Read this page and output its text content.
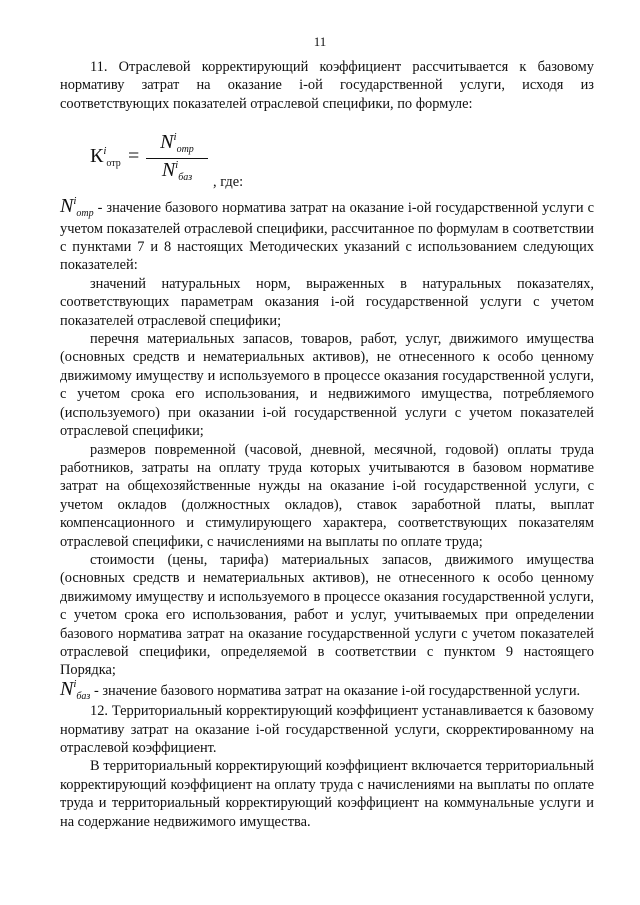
11

11. Отраслевой корректирующий коэффициент рассчитывается к базовому нормативу затрат на оказание i-ой государственной услуги, исходя из соответствующих показателей отраслевой специфики, по формуле:

$К^i_{отр}$ =
$N^i_{отр}$
$N^i_{баз}$	, где:

$N^i_{отр}$ - значение базового норматива затрат на оказание i-ой государственной услуги с учетом показателей отраслевой специфики, рассчитанное по формулам в соответствии с пунктами 7 и 8 настоящих Методических указаний с использованием следующих показателей:

значений натуральных норм, выраженных в натуральных показателях, соответствующих параметрам оказания i-ой государственной услуги с учетом показателей отраслевой специфики;

перечня материальных запасов, товаров, работ, услуг, движимого имущества (основных средств и нематериальных активов), не отнесенного к особо ценному движимому имуществу и используемого в процессе оказания государственной услуги, с учетом срока его использования, и недвижимого имущества, потребляемого (используемого) при оказании i-ой государственной услуги с учетом показателей отраслевой специфики;

размеров повременной (часовой, дневной, месячной, годовой) оплаты труда работников, затраты на оплату труда которых учитываются в базовом нормативе затрат на общехозяйственные нужды на оказание i-ой государственной услуги, с учетом окладов (должностных окладов), ставок заработной платы, выплат компенсационного и стимулирующего характера, соответствующих показателям отраслевой специфики, с начислениями на выплаты по оплате труда;

стоимости (цены, тарифа) материальных запасов, движимого имущества (основных средств и нематериальных активов), не отнесенного к особо ценному движимому имуществу и используемого в процессе оказания государственной услуги, с учетом срока его использования, работ и услуг, учитываемых при определении базового норматива затрат на оказание государственной услуги с учетом показателей отраслевой специфики, определяемой в соответствии с пунктом 9 настоящего Порядка;

$N^i_{баз}$ - значение базового норматива затрат на оказание i-ой государственной услуги.

12. Территориальный корректирующий коэффициент устанавливается к базовому нормативу затрат на оказание i-ой государственной услуги, скорректированному на отраслевой коэффициент.

В территориальный корректирующий коэффициент включается территориальный корректирующий коэффициент на оплату труда с начислениями на выплаты по оплате труда и территориальный корректирующий коэффициент на коммунальные услуги и на содержание недвижимого имущества.
